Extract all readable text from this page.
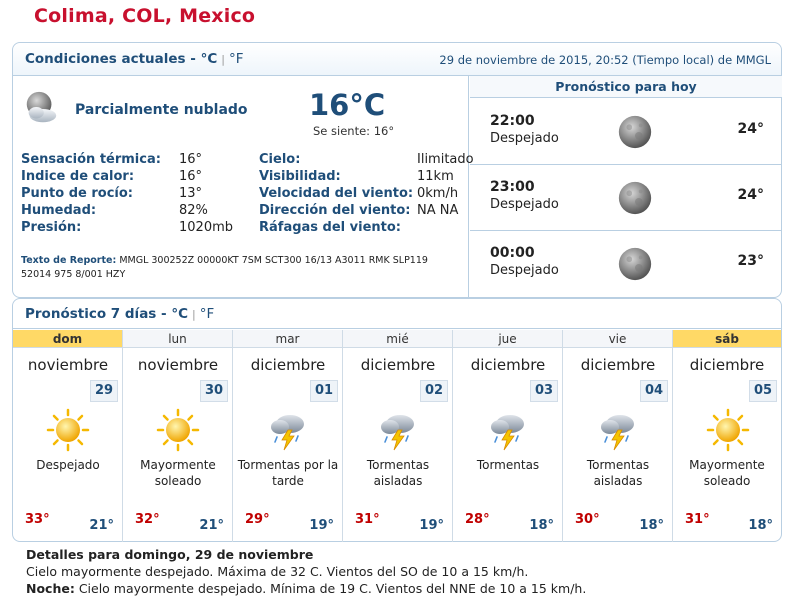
Colima, COL, Mexico
Condiciones actuales - °C | °F	29 de noviembre de 2015, 20:52 (Tiempo local) de MMGL
Parcialmente nublado 16°C
Se siente: 16°
Sensación térmica: 16°
Indice de calor:	16°
Punto de rocío:	13°
Humedad:	82%
Presión:	1020mb
Cielo:	Ilimitado
Visibilidad:	11km
Velocidad del viento: 0km/h
Dirección del viento: NA NA
Ráfagas del viento:
Texto de Reporte: MMGL 300252Z 00000KT 7SM SCT300 16/13 A3011 RMK SLP119 52014 975 8/001 HZY
Pronóstico para hoy
22:00
Despejado
24°
23:00
Despejado
24°
00:00
Despejado
23°
Pronóstico 7 días - °C | °F
dom
noviembre
29
Despejado
33°	21°
lun
noviembre
30
Mayormente soleado
32°	21°
mar
diciembre
01
Tormentas por la tarde
29°	19°
mié
diciembre
02
Tormentas aisladas
31°	19°
jue
diciembre
03
Tormentas
28°	18°
vie
diciembre
04
Tormentas aisladas
30°	18°
sáb
diciembre
05
Mayormente soleado
31°	18°
Detalles para domingo, 29 de noviembre
Cielo mayormente despejado. Máxima de 32 C. Vientos del SO de 10 a 15 km/h.
Noche: Cielo mayormente despejado. Mínima de 19 C. Vientos del NNE de 10 a 15 km/h.
